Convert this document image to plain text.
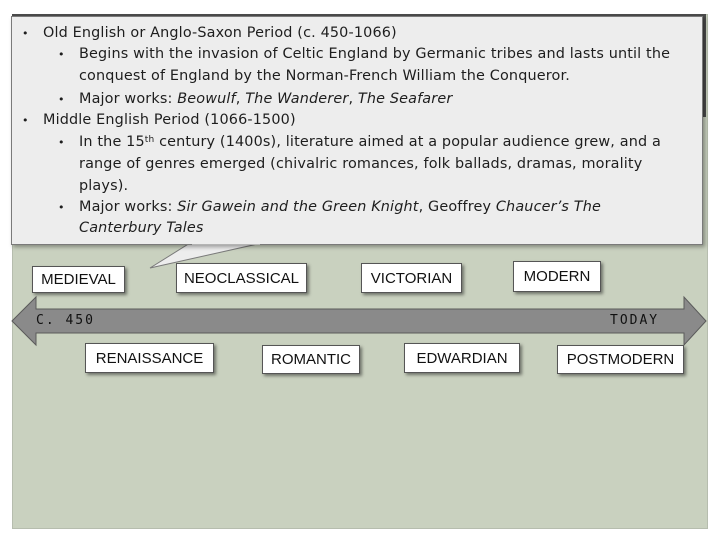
• Old English or Anglo-Saxon Period (c. 450-1066)
• Begins with the invasion of Celtic England by Germanic tribes and lasts until the
conquest of England by the Norman-French William the Conqueror.
• Major works: Beowulf, The Wanderer, The Seafarer
• Middle English Period (1066-1500)
• In the 15th century (1400s), literature aimed at a popular audience grew, and a
range of genres emerged (chivalric romances, folk ballads, dramas, morality
plays).
• Major works: Sir Gawein and the Green Knight, Geoffrey Chaucer’s The
Canterbury Tales
C. 450	TODAY
MEDIEVAL	NEOCLASSICAL	VICTORIAN	MODERN
RENAISSANCE	ROMANTIC	EDWARDIAN	POSTMODERN
